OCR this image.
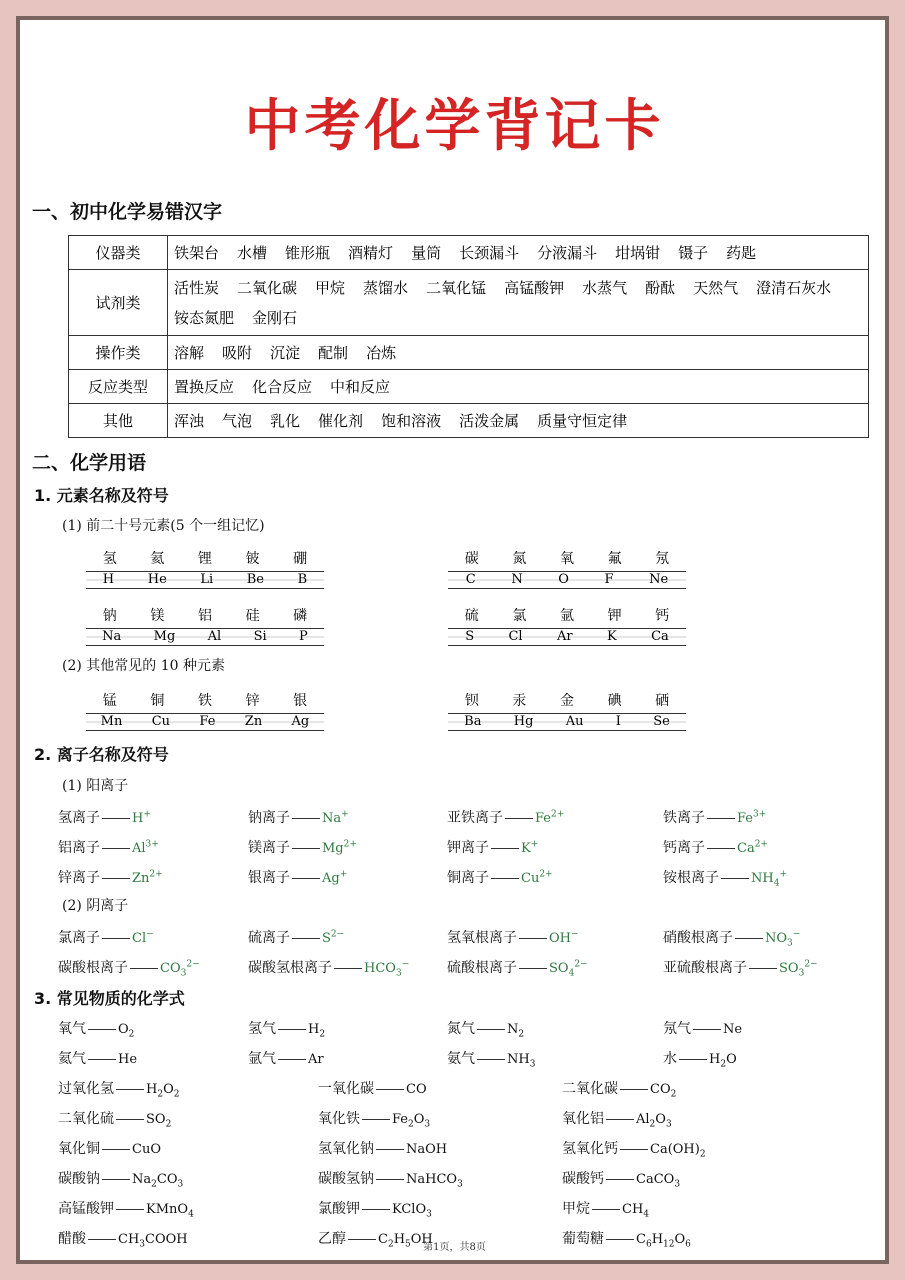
中考化学背记卡
一、初中化学易错汉字
仪器类	铁架台 水槽 锥形瓶 酒精灯 量筒 长颈漏斗 分液漏斗 坩埚钳 镊子 药匙
试剂类	活性炭 二氧化碳 甲烷 蒸馏水 二氧化锰 高锰酸钾 水蒸气 酚酞 天然气 澄清石灰水铵态氮肥 金刚石
操作类	溶解 吸附 沉淀 配制 冶炼
反应类型	置换反应 化合反应 中和反应
其他	浑浊 气泡 乳化 催化剂 饱和溶液 活泼金属 质量守恒定律
二、化学用语
1. 元素名称及符号
(1) 前二十号元素(5 个一组记忆)
(2) 其他常见的 10 种元素
氢 氦 锂 铍 硼
H	He	Li	Be	B
碳 氮 氧 氟 氖
C	N	O	F	Ne
钠 镁 铝 硅 磷
Na Mg Al Si P
硫 氯 氩 钾 钙
S	Cl	Ar	K	Ca
锰 铜 铁 锌 银
Mn Cu Fe Zn Ag
钡 汞 金 碘 硒
Ba Hg Au I Se
2. 离子名称及符号
(1) 阳离子
(2) 阴离子
氢离子 H+	钠离子 Na+	亚铁离子 $Fe^{2+}$	铁离子 $Fe^{3+}$
铝离子 $Al^{3+}$	镁离子 $Mg^{2+}$	钾离子 K+	钙离子 $Ca^{2+}$
锌离子 $Zn^{2+}$	银离子 Ag+	铜离子 $Cu^{2+}$	铵根离子 $NH_4^+$
氯离子 Cl−	硫离子 $S^{2-}$	氢氧根离子 OH−	硝酸根离子 $NO_3^-$
碳酸根离子 $CO_3^{2-}$	碳酸氢根离子 $HCO_3^-$	硫酸根离子 $SO_4^{2-}$	亚硫酸根离子 $SO_3^{2-}$
3. 常见物质的化学式
氧气 $O_2$	氢气 $H_2$	氮气 $N_2$	氖气 Ne
氦气 He	氩气 Ar	氨气 $NH_3$	水 $H_2O$
过氧化氢 $H_2O_2$	一氧化碳 CO	二氧化碳 $CO_2$
二氧化硫 $SO_2$	氧化铁 $Fe_2O_3$	氧化铝 $Al_2O_3$
氧化铜 CuO	氢氧化钠 NaOH	氢氧化钙 $Ca(OH)_2$
碳酸钠 $Na_2CO_3$	碳酸氢钠 NaHCO$_3$	碳酸钙 CaCO$_3$
高锰酸钾 KMnO$_4$	氯酸钾 KClO$_3$	甲烷 $CH_4$
醋酸 $CH_3COOH$	乙醇 $C_2H_5OH$	葡萄糖 $C_6H_{12}O_6$
第1页，共8页
